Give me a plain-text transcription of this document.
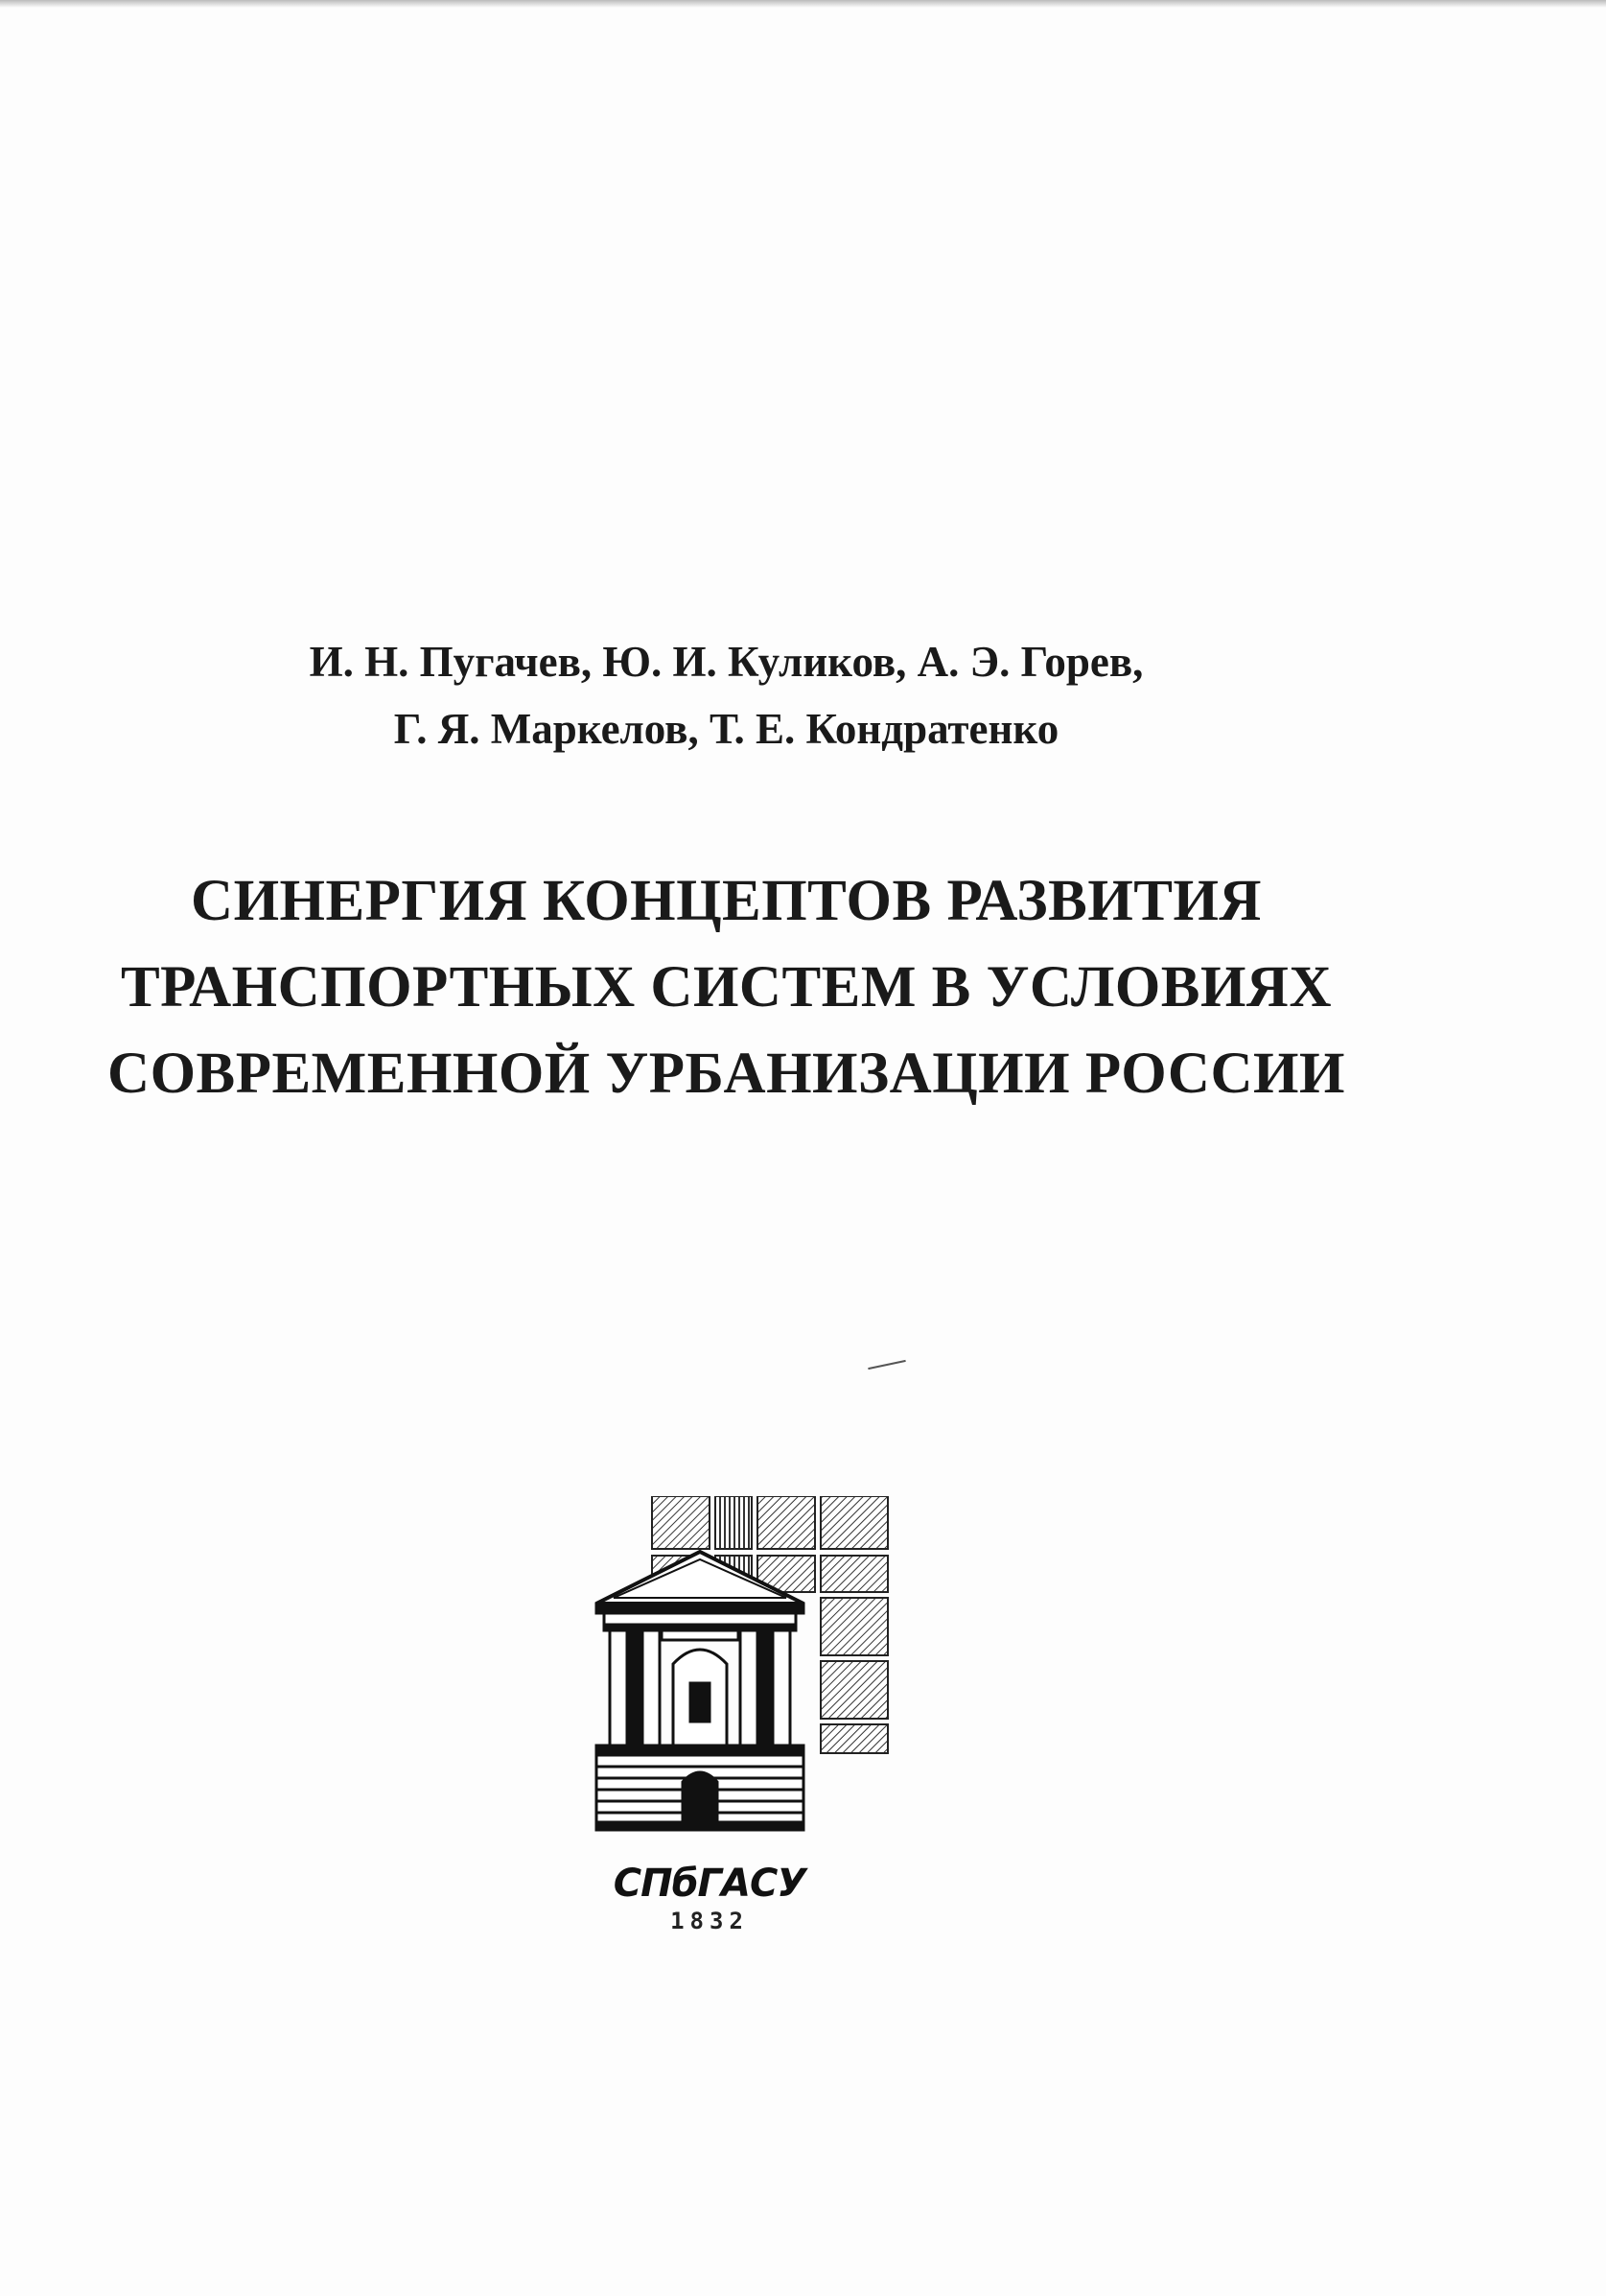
И. Н. Пугачев, Ю. И. Куликов, А. Э. Горев,
Г. Я. Маркелов, Т. Е. Кондратенко
СИНЕРГИЯ КОНЦЕПТОВ РАЗВИТИЯ
ТРАНСПОРТНЫХ СИСТЕМ В УСЛОВИЯХ
СОВРЕМЕННОЙ УРБАНИЗАЦИИ РОССИИ
СПбГАСУ
1832
